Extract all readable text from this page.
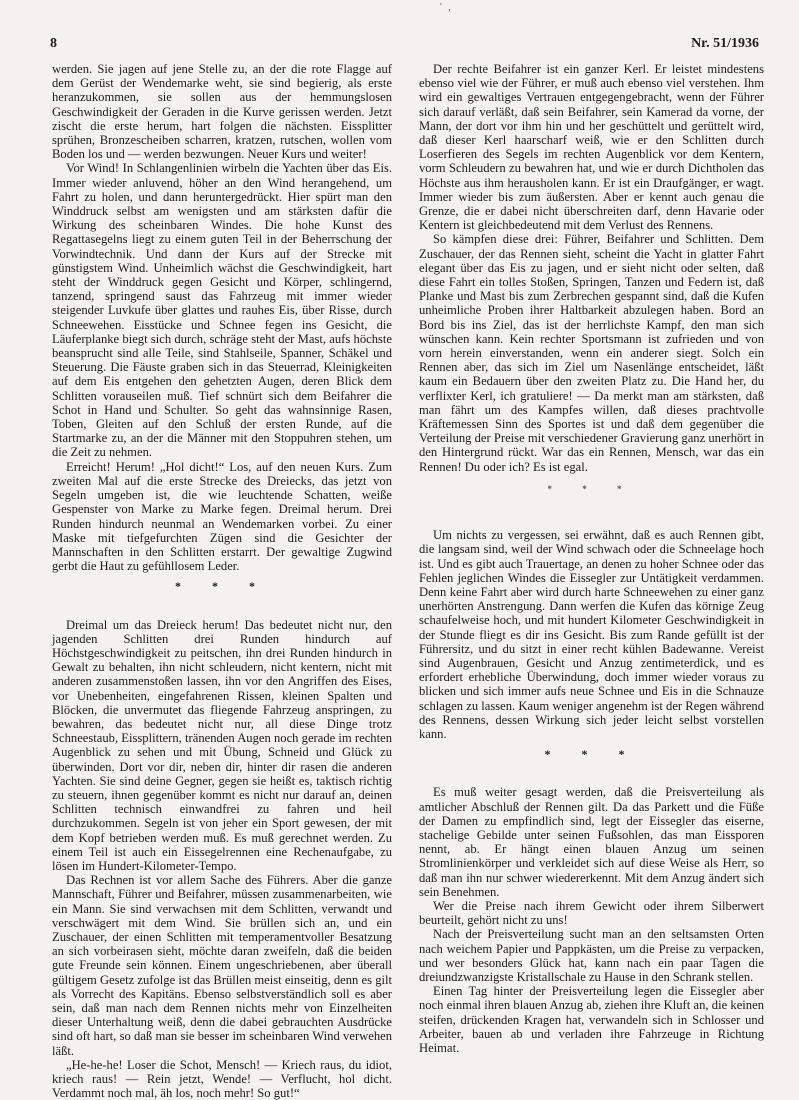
' ,
8	Nr. 51/1936

werden. Sie jagen auf jene Stelle zu, an der die rote Flagge auf dem Gerüst der Wendemarke weht, sie sind begierig, als erste heranzukommen, sie sollen aus der hemmungslosen Geschwindigkeit der Geraden in die Kurve gerissen werden. Jetzt zischt die erste herum, hart folgen die nächsten. Eissplitter sprühen, Bronzescheiben scharren, kratzen, rutschen, wollen vom Boden los und — werden bezwungen. Neuer Kurs und weiter!

Vor Wind! In Schlangenlinien wirbeln die Yachten über das Eis. Immer wieder anluvend, höher an den Wind herangehend, um Fahrt zu holen, und dann heruntergedrückt. Hier spürt man den Winddruck selbst am wenigsten und am stärksten dafür die Wirkung des scheinbaren Windes. Die hohe Kunst des Regattasegelns liegt zu einem guten Teil in der Beherrschung der Vorwindtechnik. Und dann der Kurs auf der Strecke mit günstigstem Wind. Unheimlich wächst die Geschwindigkeit, hart steht der Winddruck gegen Gesicht und Körper, schlingernd, tanzend, springend saust das Fahrzeug mit immer wieder steigender Luvkufe über glattes und rauhes Eis, über Risse, durch Schneewehen. Eisstücke und Schnee fegen ins Gesicht, die Läuferplanke biegt sich durch, schräge steht der Mast, aufs höchste beansprucht sind alle Teile, sind Stahlseile, Spanner, Schäkel und Steuerung. Die Fäuste graben sich in das Steuerrad, Kleinigkeiten auf dem Eis entgehen den gehetzten Augen, deren Blick dem Schlitten vorauseilen muß. Tief schnürt sich dem Beifahrer die Schot in Hand und Schulter. So geht das wahnsinnige Rasen, Toben, Gleiten auf den Schluß der ersten Runde, auf die Startmarke zu, an der die Männer mit den Stoppuhren stehen, um die Zeit zu nehmen.

Erreicht! Herum! „Hol dicht!“ Los, auf den neuen Kurs. Zum zweiten Mal auf die erste Strecke des Dreiecks, das jetzt von Segeln umgeben ist, die wie leuchtende Schatten, weiße Gespenster von Marke zu Marke fegen. Dreimal herum. Drei Runden hindurch neunmal an Wendemarken vorbei. Zu einer Maske mit tiefgefurchten Zügen sind die Gesichter der Mannschaften in den Schlitten erstarrt. Der gewaltige Zugwind gerbt die Haut zu gefühllosem Leder.

* * *

Dreimal um das Dreieck herum! Das bedeutet nicht nur, den jagenden Schlitten drei Runden hindurch auf Höchstgeschwindigkeit zu peitschen, ihn drei Runden hindurch in Gewalt zu behalten, ihn nicht schleudern, nicht kentern, nicht mit anderen zusammenstoßen lassen, ihn vor den Angriffen des Eises, vor Unebenheiten, eingefahrenen Rissen, kleinen Spalten und Blöcken, die unvermutet das fliegende Fahrzeug anspringen, zu bewahren, das bedeutet nicht nur, all diese Dinge trotz Schneestaub, Eissplittern, tränenden Augen noch gerade im rechten Augenblick zu sehen und mit Übung, Schneid und Glück zu überwinden. Dort vor dir, neben dir, hinter dir rasen die anderen Yachten. Sie sind deine Gegner, gegen sie heißt es, taktisch richtig zu steuern, ihnen gegenüber kommt es nicht nur darauf an, deinen Schlitten technisch einwandfrei zu fahren und heil durchzukommen. Segeln ist von jeher ein Sport gewesen, der mit dem Kopf betrieben werden muß. Es muß gerechnet werden. Zu einem Teil ist auch ein Eissegelrennen eine Rechenaufgabe, zu lösen im Hundert-Kilometer-Tempo.

Das Rechnen ist vor allem Sache des Führers. Aber die ganze Mannschaft, Führer und Beifahrer, müssen zusammenarbeiten, wie ein Mann. Sie sind verwachsen mit dem Schlitten, verwandt und verschwägert mit dem Wind. Sie brüllen sich an, und ein Zuschauer, der einen Schlitten mit temperamentvoller Besatzung an sich vorbeirasen sieht, möchte daran zweifeln, daß die beiden gute Freunde sein können. Einem ungeschriebenen, aber überall gültigem Gesetz zufolge ist das Brüllen meist einseitig, denn es gilt als Vorrecht des Kapitäns. Ebenso selbstverständlich soll es aber sein, daß man nach dem Rennen nichts mehr von Einzelheiten dieser Unterhaltung weiß, denn die dabei gebrauchten Ausdrücke sind oft hart, so daß man sie besser im scheinbaren Wind verwehen läßt.

„He-he-he! Loser die Schot, Mensch! — Kriech raus, du idiot, kriech raus! — Rein jetzt, Wende! — Verflucht, hol dicht. Verdammt noch mal, äh los, noch mehr! So gut!“

Der rechte Beifahrer ist ein ganzer Kerl. Er leistet mindestens ebenso viel wie der Führer, er muß auch ebenso viel verstehen. Ihm wird ein gewaltiges Vertrauen entgegengebracht, wenn der Führer sich darauf verläßt, daß sein Beifahrer, sein Kamerad da vorne, der Mann, der dort vor ihm hin und her geschüttelt und gerüttelt wird, daß dieser Kerl haarscharf weiß, wie er den Schlitten durch Loserfieren des Segels im rechten Augenblick vor dem Kentern, vorm Schleudern zu bewahren hat, und wie er durch Dichtholen das Höchste aus ihm herausholen kann. Er ist ein Draufgänger, er wagt. Immer wieder bis zum äußersten. Aber er kennt auch genau die Grenze, die er dabei nicht überschreiten darf, denn Havarie oder Kentern ist gleichbedeutend mit dem Verlust des Rennens.

So kämpfen diese drei: Führer, Beifahrer und Schlitten. Dem Zuschauer, der das Rennen sieht, scheint die Yacht in glatter Fahrt elegant über das Eis zu jagen, und er sieht nicht oder selten, daß diese Fahrt ein tolles Stoßen, Springen, Tanzen und Federn ist, daß Planke und Mast bis zum Zerbrechen gespannt sind, daß die Kufen unheimliche Proben ihrer Haltbarkeit abzulegen haben. Bord an Bord bis ins Ziel, das ist der herrlichste Kampf, den man sich wünschen kann. Kein rechter Sportsmann ist zufrieden und von vorn herein einverstanden, wenn ein anderer siegt. Solch ein Rennen aber, das sich im Ziel um Nasenlänge entscheidet, läßt kaum ein Bedauern über den zweiten Platz zu. Die Hand her, du verflixter Kerl, ich gratuliere! — Da merkt man am stärksten, daß man fährt um des Kampfes willen, daß dieses prachtvolle Kräftemessen Sinn des Sportes ist und daß dem gegenüber die Verteilung der Preise mit verschiedener Gravierung ganz unerhört in den Hintergrund rückt. War das ein Rennen, Mensch, war das ein Rennen! Du oder ich? Es ist egal.

* * *

Um nichts zu vergessen, sei erwähnt, daß es auch Rennen gibt, die langsam sind, weil der Wind schwach oder die Schneelage hoch ist. Und es gibt auch Trauertage, an denen zu hoher Schnee oder das Fehlen jeglichen Windes die Eissegler zur Untätigkeit verdammen. Denn keine Fahrt aber wird durch harte Schneewehen zu einer ganz unerhörten Anstrengung. Dann werfen die Kufen das körnige Zeug schaufelweise hoch, und mit hundert Kilometer Geschwindigkeit in der Stunde fliegt es dir ins Gesicht. Bis zum Rande gefüllt ist der Führersitz, und du sitzt in einer recht kühlen Badewanne. Vereist sind Augenbrauen, Gesicht und Anzug zentimeterdick, und es erfordert erhebliche Überwindung, doch immer wieder voraus zu blicken und sich immer aufs neue Schnee und Eis in die Schnauze schlagen zu lassen. Kaum weniger angenehm ist der Regen während des Rennens, dessen Wirkung sich jeder leicht selbst vorstellen kann.

* * *

Es muß weiter gesagt werden, daß die Preisverteilung als amtlicher Abschluß der Rennen gilt. Da das Parkett und die Füße der Damen zu empfindlich sind, legt der Eissegler das eiserne, stachelige Gebilde unter seinen Fußsohlen, das man Eissporen nennt, ab. Er hängt einen blauen Anzug um seinen Stromlinienkörper und verkleidet sich auf diese Weise als Herr, so daß man ihn nur schwer wiedererkennt. Mit dem Anzug ändert sich sein Benehmen.

Wer die Preise nach ihrem Gewicht oder ihrem Silberwert beurteilt, gehört nicht zu uns!

Nach der Preisverteilung sucht man an den seltsamsten Orten nach weichem Papier und Pappkästen, um die Preise zu verpacken, und wer besonders Glück hat, kann nach ein paar Tagen die dreiundzwanzigste Kristallschale zu Hause in den Schrank stellen.

Einen Tag hinter der Preisverteilung legen die Eissegler aber noch einmal ihren blauen Anzug ab, ziehen ihre Kluft an, die keinen steifen, drückenden Kragen hat, verwandeln sich in Schlosser und Arbeiter, bauen ab und verladen ihre Fahrzeuge in Richtung Heimat.
